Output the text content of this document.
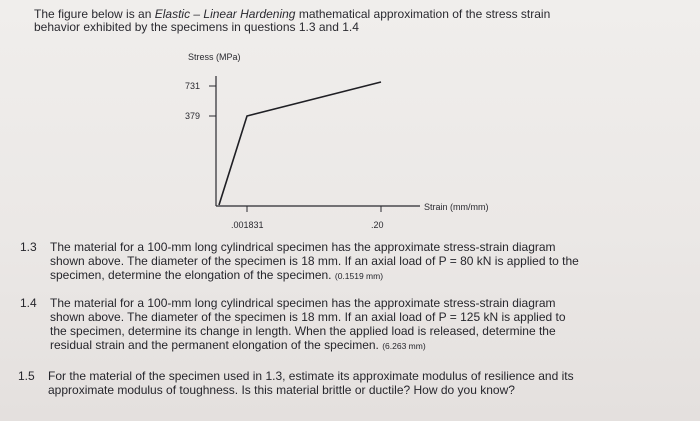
The figure below is an Elastic – Linear Hardening mathematical approximation of the stress strain
behavior exhibited by the specimens in questions 1.3 and 1.4
Stress (MPa)
Strain (mm/mm)
731
379
.001831	.20
1.3	The material for a 100-mm long cylindrical specimen has the approximate stress-strain diagram
shown above. The diameter of the specimen is 18 mm. If an axial load of P = 80 kN is applied to the
specimen, determine the elongation of the specimen. (0.1519 mm)
1.4	The material for a 100-mm long cylindrical specimen has the approximate stress-strain diagram
shown above. The diameter of the specimen is 18 mm. If an axial load of P = 125 kN is applied to
the specimen, determine its change in length. When the applied load is released, determine the
residual strain and the permanent elongation of the specimen. (6.263 mm)
1.5	For the material of the specimen used in 1.3, estimate its approximate modulus of resilience and its
approximate modulus of toughness. Is this material brittle or ductile? How do you know?
